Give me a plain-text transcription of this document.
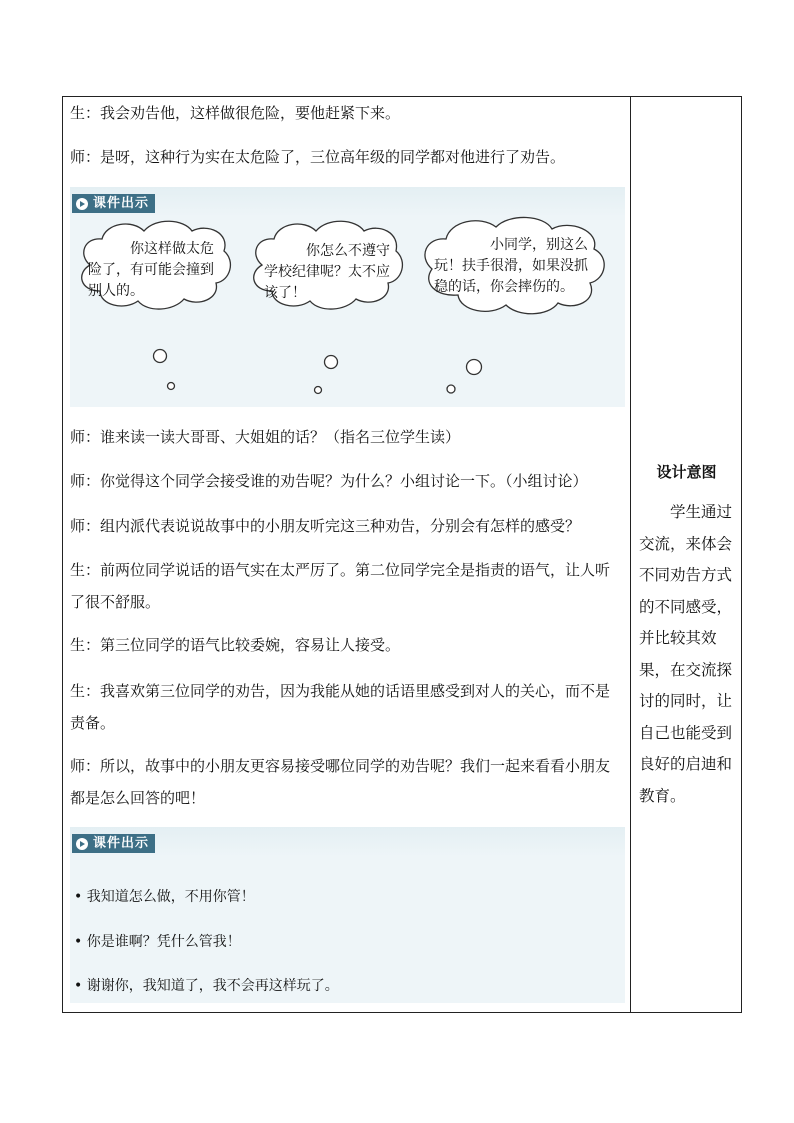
生：我会劝告他，这样做很危险，要他赶紧下来。

师：是呀，这种行为实在太危险了，三位高年级的同学都对他进行了劝告。

课件出示

你这样做太危险了，有可能会撞到别人的。

你怎么不遵守学校纪律呢？太不应该了！

小同学，别这么玩！扶手很滑，如果没抓稳的话，你会摔伤的。

师：谁来读一读大哥哥、大姐姐的话？（指名三位学生读）

师：你觉得这个同学会接受谁的劝告呢？为什么？小组讨论一下。（小组讨论）

师：组内派代表说说故事中的小朋友听完这三种劝告，分别会有怎样的感受？

生：前两位同学说话的语气实在太严厉了。第二位同学完全是指责的语气，让人听了很不舒服。

生：第三位同学的语气比较委婉，容易让人接受。

生：我喜欢第三位同学的劝告，因为我能从她的话语里感受到对人的关心，而不是责备。

师：所以，故事中的小朋友更容易接受哪位同学的劝告呢？我们一起来看看小朋友都是怎么回答的吧！

课件出示

• 我知道怎么做，不用你管！

• 你是谁啊？凭什么管我！

• 谢谢你，我知道了，我不会再这样玩了。

设计意图

学生通过交流，来体会不同劝告方式的不同感受，并比较其效果，在交流探讨的同时，让自己也能受到良好的启迪和教育。
